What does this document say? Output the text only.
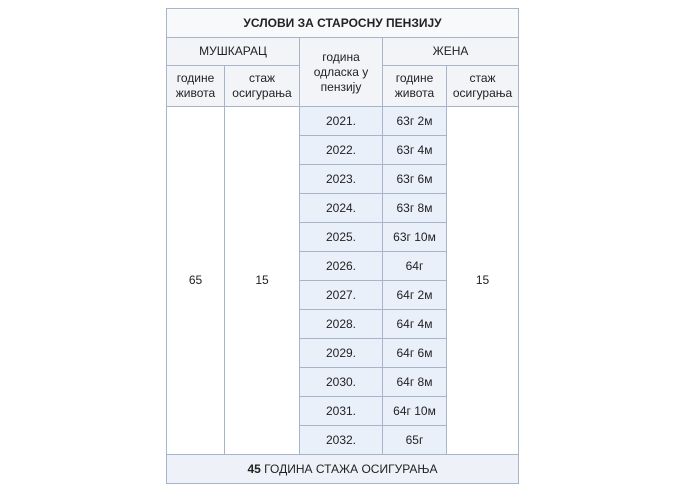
УСЛОВИ ЗА СТАРОСНУ ПЕНЗИЈУ				
МУШКАРАЦ		година одласка у пензију	ЖЕНА	
године живота	стаж осигурања		године живота	стаж осигурања
65	15	2021.	63г 2м	15
		2022.	63г 4м	
		2023.	63г 6м	
		2024.	63г 8м	
		2025.	63г 10м	
		2026.	64г	
		2027.	64г 2м	
		2028.	64г 4м	
		2029.	64г 6м	
		2030.	64г 8м	
		2031.	64г 10м	
		2032.	65г	
45 ГОДИНА СТАЖА ОСИГУРАЊА				
